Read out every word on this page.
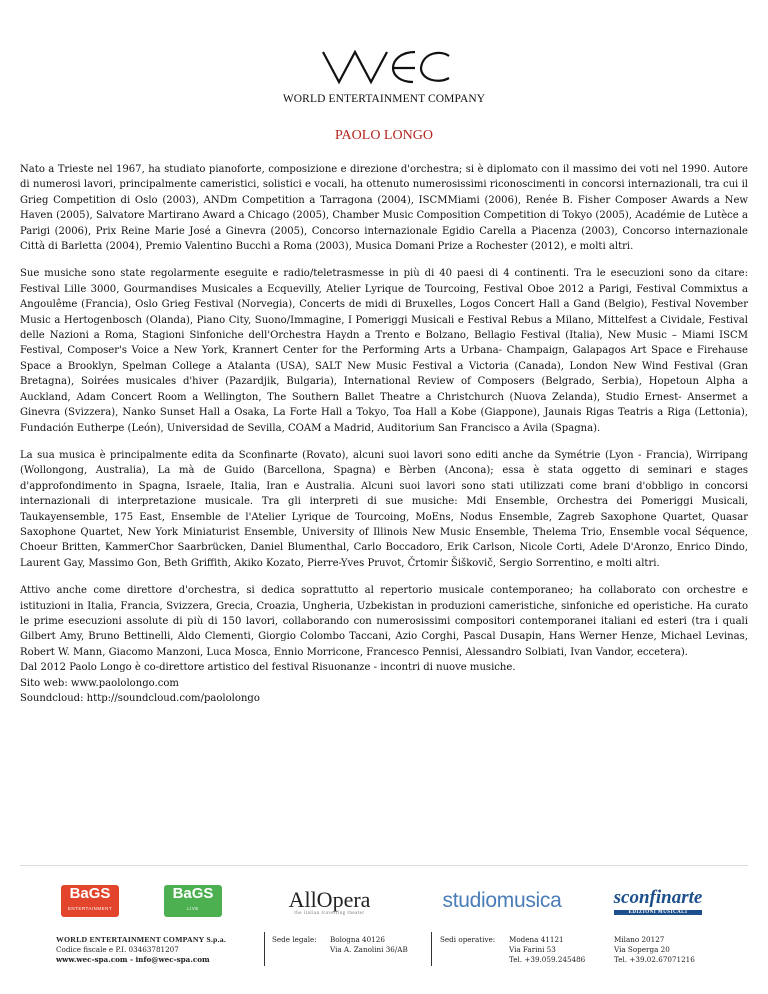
WORLD ENTERTAINMENT COMPANY
PAOLO LONGO

Nato a Trieste nel 1967, ha studiato pianoforte, composizione e direzione d'orchestra; si è diplomato con il massimo dei voti nel 1990. Autore di numerosi lavori, principalmente cameristici, solistici e vocali, ha ottenuto numerosissimi riconoscimenti in concorsi internazionali, tra cui il Grieg Competition di Oslo (2003), ANDm Competition a Tarragona (2004), ISCMMiami (2006), Renée B. Fisher Composer Awards a New Haven (2005), Salvatore Martirano Award a Chicago (2005), Chamber Music Composition Competition di Tokyo (2005), Académie de Lutèce a Parigi (2006), Prix Reine Marie José a Ginevra (2005), Concorso internazionale Egidio Carella a Piacenza (2003), Concorso internazionale Città di Barletta (2004), Premio Valentino Bucchi a Roma (2003), Musica Domani Prize a Rochester (2012), e molti altri.

Sue musiche sono state regolarmente eseguite e radio/teletrasmesse in più di 40 paesi di 4 continenti. Tra le esecuzioni sono da citare: Festival Lille 3000, Gourmandises Musicales a Ecquevilly, Atelier Lyrique de Tourcoing, Festival Oboe 2012 a Parigi, Festival Commixtus a Angoulême (Francia), Oslo Grieg Festival (Norvegia), Concerts de midi di Bruxelles, Logos Concert Hall a Gand (Belgio), Festival November Music a Hertogenbosch (Olanda), Piano City, Suono/Immagine, I Pomeriggi Musicali e Festival Rebus a Milano, Mittelfest a Cividale, Festival delle Nazioni a Roma, Stagioni Sinfoniche dell'Orchestra Haydn a Trento e Bolzano, Bellagio Festival (Italia), New Music – Miami ISCM Festival, Composer's Voice a New York, Krannert Center for the Performing Arts a Urbana- Champaign, Galapagos Art Space e Firehause Space a Brooklyn, Spelman College a Atalanta (USA), SALT New Music Festival a Victoria (Canada), London New Wind Festival (Gran Bretagna), Soirées musicales d'hiver (Pazardjik, Bulgaria), International Review of Composers (Belgrado, Serbia), Hopetoun Alpha a Auckland, Adam Concert Room a Wellington, The Southern Ballet Theatre a Christchurch (Nuova Zelanda), Studio Ernest- Ansermet a Ginevra (Svizzera), Nanko Sunset Hall a Osaka, La Forte Hall a Tokyo, Toa Hall a Kobe (Giappone), Jaunais Rigas Teatris a Riga (Lettonia), Fundación Eutherpe (León), Universidad de Sevilla, COAM a Madrid, Auditorium San Francisco a Avila (Spagna).

La sua musica è principalmente edita da Sconfinarte (Rovato), alcuni suoi lavori sono editi anche da Symétrie (Lyon - Francia), Wirripang (Wollongong, Australia), La mà de Guido (Barcellona, Spagna) e Bèrben (Ancona); essa è stata oggetto di seminari e stages d'approfondimento in Spagna, Israele, Italia, Iran e Australia. Alcuni suoi lavori sono stati utilizzati come brani d'obbligo in concorsi internazionali di interpretazione musicale. Tra gli interpreti di sue musiche: Mdi Ensemble, Orchestra dei Pomeriggi Musicali, Taukayensemble, 175 East, Ensemble de l'Atelier Lyrique de Tourcoing, MoEns, Nodus Ensemble, Zagreb Saxophone Quartet, Quasar Saxophone Quartet, New York Miniaturist Ensemble, University of Illinois New Music Ensemble, Thelema Trio, Ensemble vocal Séquence, Choeur Britten, KammerChor Saarbrücken, Daniel Blumenthal, Carlo Boccadoro, Erik Carlson, Nicole Corti, Adele D'Aronzo, Enrico Dindo, Laurent Gay, Massimo Gon, Beth Griffith, Akiko Kozato, Pierre-Yves Pruvot, Črtomir Šiškovič, Sergio Sorrentino, e molti altri.

Attivo anche come direttore d'orchestra, si dedica soprattutto al repertorio musicale contemporaneo; ha collaborato con orchestre e istituzioni in Italia, Francia, Svizzera, Grecia, Croazia, Ungheria, Uzbekistan in produzioni cameristiche, sinfoniche ed operistiche. Ha curato le prime esecuzioni assolute di più di 150 lavori, collaborando con numerosissimi compositori contemporanei italiani ed esteri (tra i quali Gilbert Amy, Bruno Bettinelli, Aldo Clementi, Giorgio Colombo Taccani, Azio Corghi, Pascal Dusapin, Hans Werner Henze, Michael Levinas, Robert W. Mann, Giacomo Manzoni, Luca Mosca, Ennio Morricone, Francesco Pennisi, Alessandro Solbiati, Ivan Vandor, eccetera).

Dal 2012 Paolo Longo è co-direttore artistico del festival Risuonanze - incontri di nuove musiche.
Sito web: www.paololongo.com
Soundcloud: http://soundcloud.com/paololongo
BaGS
ENTERTAINMENT
BaGS
LIVE	AllOpera
the italian travelling theater
studiomusica	sconfinarte
EDIZIONI MUSICALI
WORLD ENTERTAINMENT COMPANY S.p.a.
Codice fiscale e P.I. 03463781207
www.wec-spa.com - info@wec-spa.com
Sede legale:	Bologna 40126
Via A. Zanolini 36/AB
Sedi operative:	Modena 41121
Via Farini 53
Tel. +39.059.245486
Milano 20127
Via Soperga 20
Tel. +39.02.67071216
